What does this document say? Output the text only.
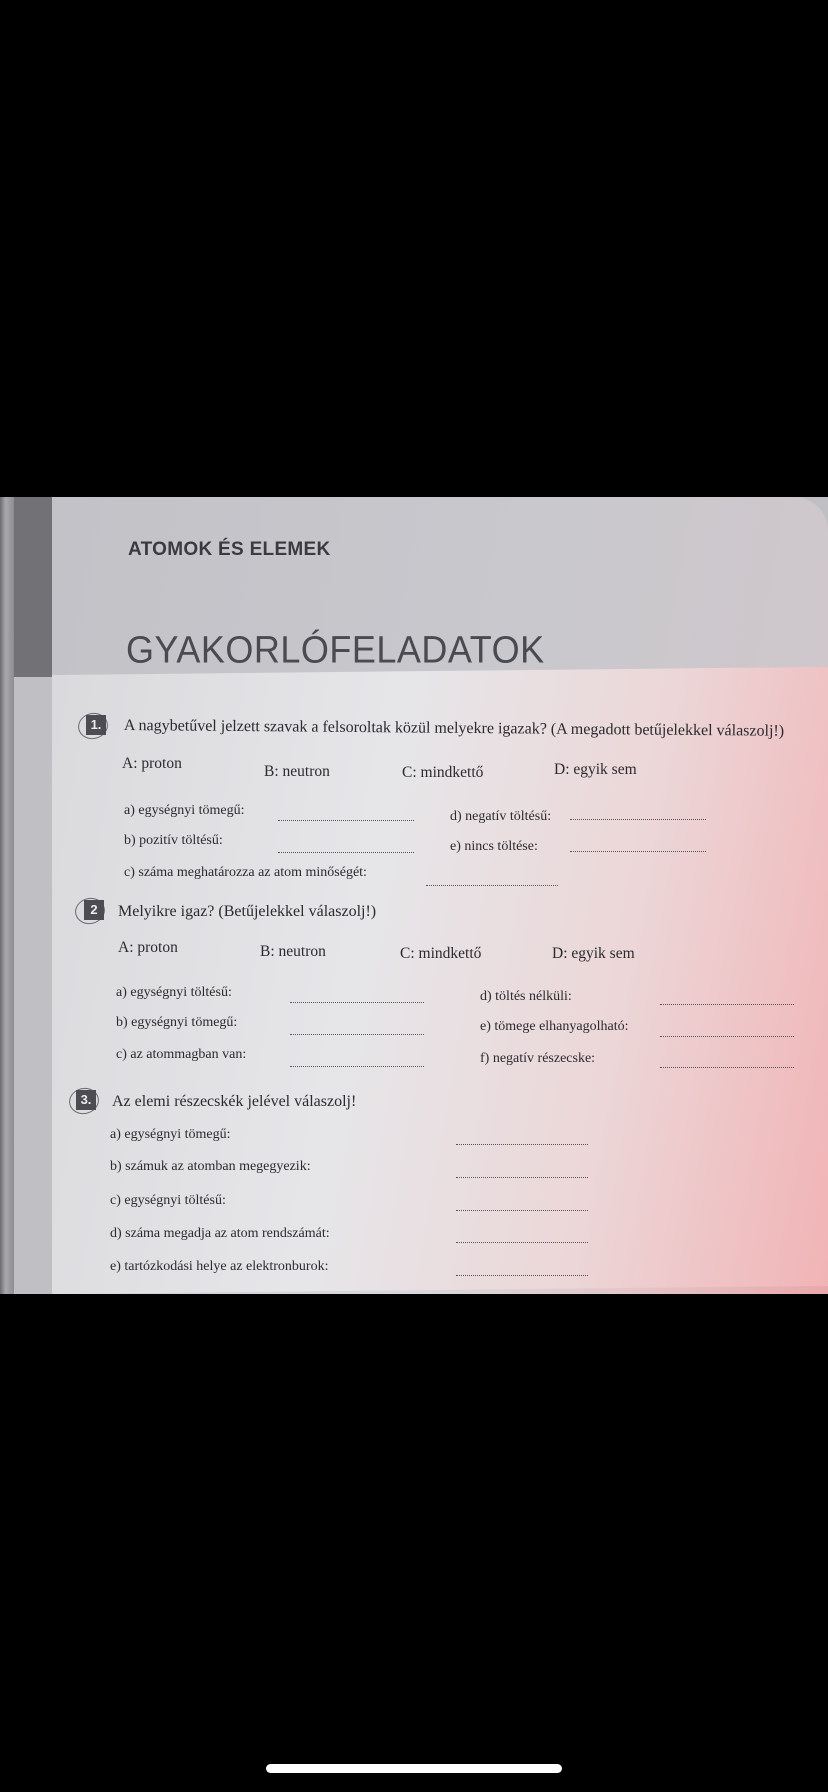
ATOMOK ÉS ELEMEK
GYAKORLÓFELADATOK
1. A nagybetűvel jelzett szavak a felsoroltak közül melyekre igazak? (A megadott betűjelekkel válaszolj!)
A: proton	B: neutron	C: mindkettő	D: egyik sem
a) egységnyi tömegű:	d) negatív töltésű:
b) pozitív töltésű:	e) nincs töltése:
c) száma meghatározza az atom minőségét:
2	Melyikre igaz? (Betűjelekkel válaszolj!)
A: proton	B: neutron	C: mindkettő	D: egyik sem
a) egységnyi töltésű:	d) töltés nélküli:
b) egységnyi tömegű:	e) tömege elhanyagolható:
c) az atommagban van:	f) negatív részecske:
3. Az elemi részecskék jelével válaszolj!
a) egységnyi tömegű:
b) számuk az atomban megegyezik:
c) egységnyi töltésű:
d) száma megadja az atom rendszámát:
e) tartózkodási helye az elektronburok:
